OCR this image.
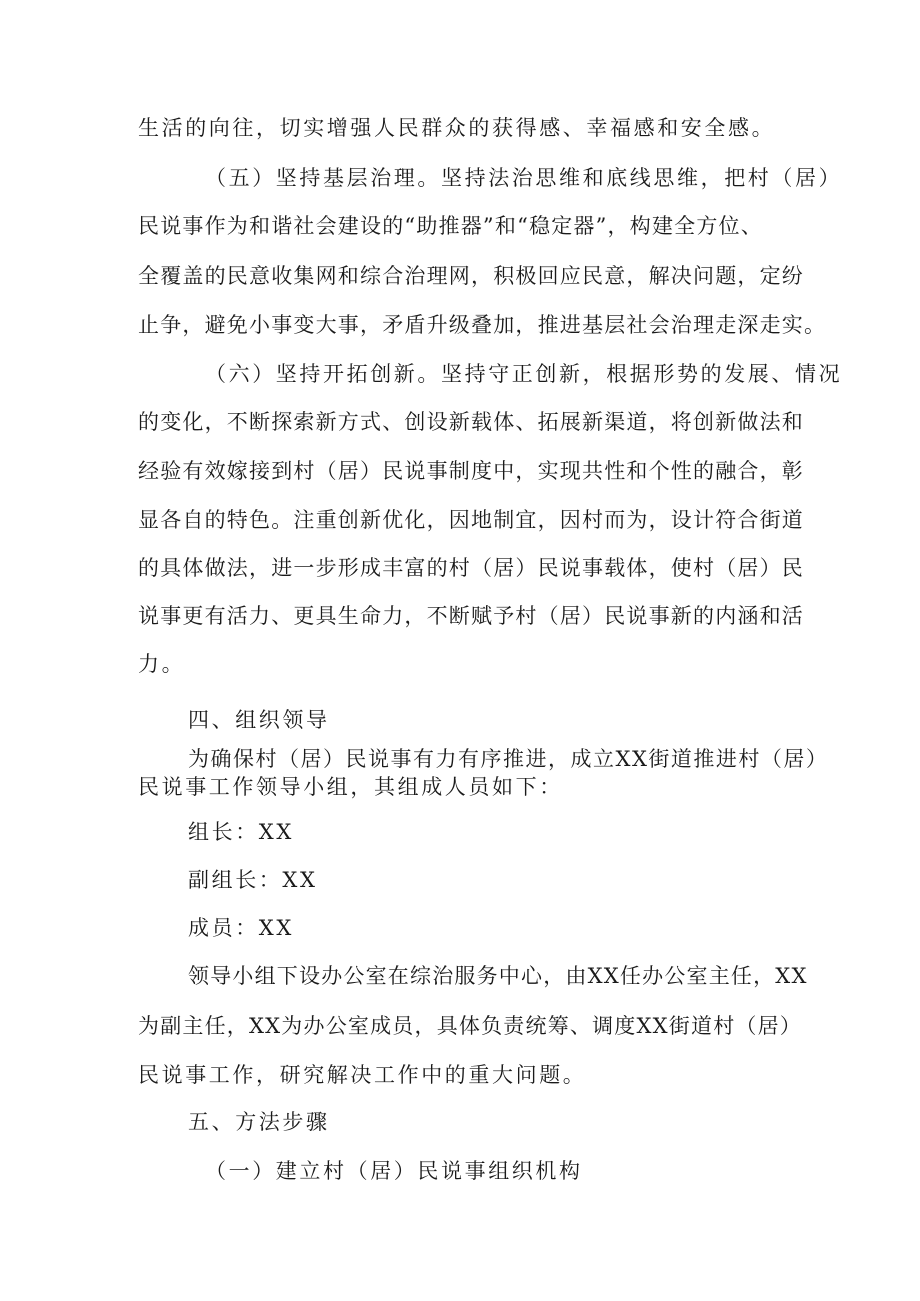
生活的向往，切实增强人民群众的获得感、幸福感和安全感。
（五）坚持基层治理。坚持法治思维和底线思维，把村（居）
民说事作为和谐社会建设的“助推器”和“稳定器”，构建全方位、
全覆盖的民意收集网和综合治理网，积极回应民意，解决问题，定纷
止争，避免小事变大事，矛盾升级叠加，推进基层社会治理走深走实。
（六）坚持开拓创新。坚持守正创新，根据形势的发展、情况
的变化，不断探索新方式、创设新载体、拓展新渠道，将创新做法和
经验有效嫁接到村（居）民说事制度中，实现共性和个性的融合，彰
显各自的特色。注重创新优化，因地制宜，因村而为，设计符合街道
的具体做法，进一步形成丰富的村（居）民说事载体，使村（居）民
说事更有活力、更具生命力，不断赋予村（居）民说事新的内涵和活
力。
四、组织领导
为确保村（居）民说事有力有序推进，成立XX街道推进村（居）
民说事工作领导小组，其组成人员如下：
组长：XX
副组长：XX
成员：XX
领导小组下设办公室在综治服务中心，由XX任办公室主任，XX
为副主任，XX为办公室成员，具体负责统筹、调度XX街道村（居）
民说事工作，研究解决工作中的重大问题。
五、方法步骤
（一）建立村（居）民说事组织机构
